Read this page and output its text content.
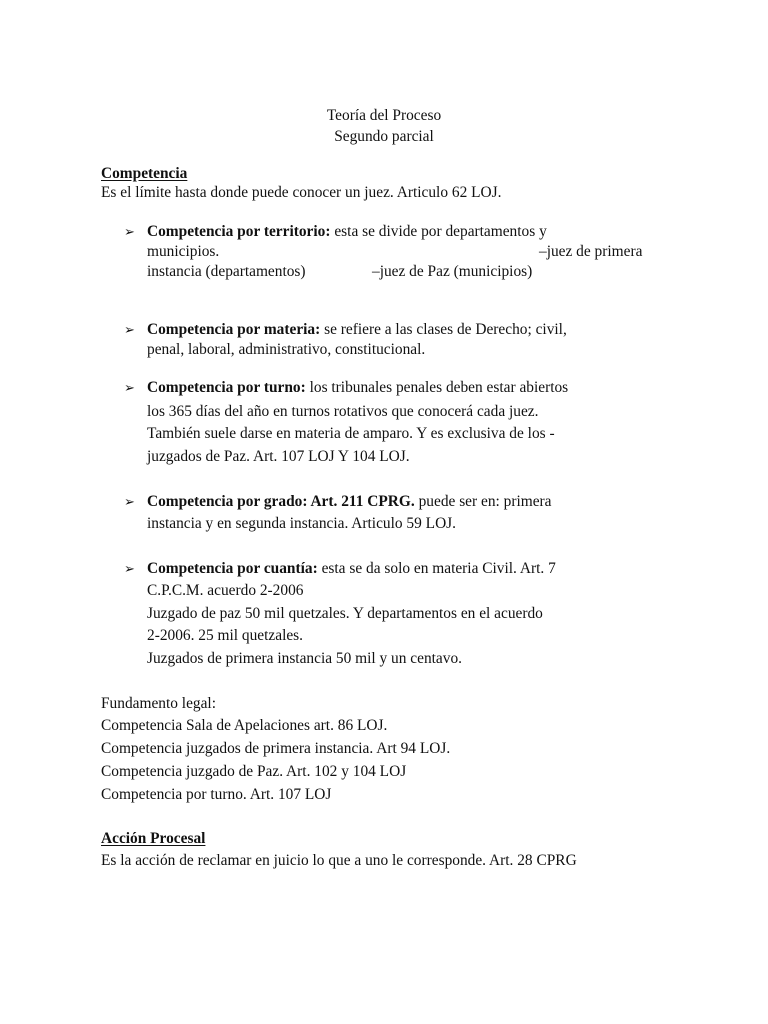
Teoría del Proceso
Segundo parcial
Competencia
Es el límite hasta donde puede conocer un juez. Articulo 62 LOJ.
➢ Competencia por territorio: esta se divide por departamentos y
municipios.	–juez de primera
instancia (departamentos)	–juez de Paz (municipios)
➢ Competencia por materia: se refiere a las clases de Derecho; civil,
penal, laboral, administrativo, constitucional.
➢ Competencia por turno: los tribunales penales deben estar abiertos
los 365 días del año en turnos rotativos que conocerá cada juez.
También suele darse en materia de amparo. Y es exclusiva de los -
juzgados de Paz. Art. 107 LOJ Y 104 LOJ.
➢ Competencia por grado: Art. 211 CPRG. puede ser en: primera
instancia y en segunda instancia. Articulo 59 LOJ.
➢ Competencia por cuantía: esta se da solo en materia Civil. Art. 7
C.P.C.M. acuerdo 2-2006
Juzgado de paz 50 mil quetzales. Y departamentos en el acuerdo
2-2006. 25 mil quetzales.
Juzgados de primera instancia 50 mil y un centavo.
Fundamento legal:
Competencia Sala de Apelaciones art. 86 LOJ.
Competencia juzgados de primera instancia. Art 94 LOJ.
Competencia juzgado de Paz. Art. 102 y 104 LOJ
Competencia por turno. Art. 107 LOJ
Acción Procesal
Es la acción de reclamar en juicio lo que a uno le corresponde. Art. 28 CPRG
